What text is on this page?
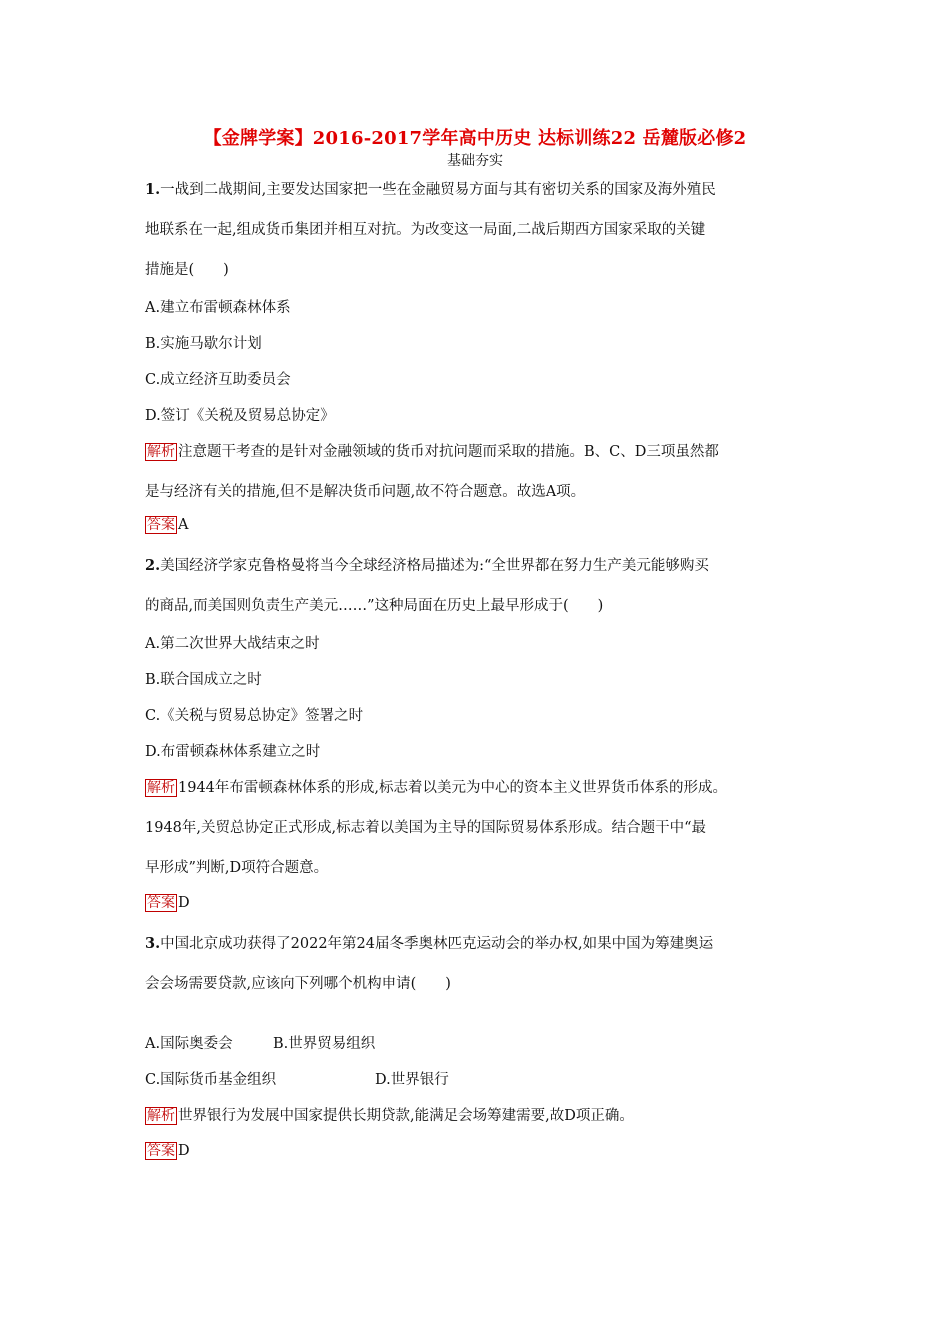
【金牌学案】2016-2017学年高中历史 达标训练22 岳麓版必修2
基础夯实
1.一战到二战期间,主要发达国家把一些在金融贸易方面与其有密切关系的国家及海外殖民
地联系在一起,组成货币集团并相互对抗。为改变这一局面,二战后期西方国家采取的关键
措施是(　　)
A.建立布雷顿森林体系
B.实施马歇尔计划
C.成立经济互助委员会
D.签订《关税及贸易总协定》
解析 注意题干考查的是针对金融领域的货币对抗问题而采取的措施。B、C、D三项虽然都
是与经济有关的措施,但不是解决货币问题,故不符合题意。故选A项。
答案 A
2.美国经济学家克鲁格曼将当今全球经济格局描述为:“全世界都在努力生产美元能够购买
的商品,而美国则负责生产美元……”这种局面在历史上最早形成于(　　)
A.第二次世界大战结束之时
B.联合国成立之时
C.《关税与贸易总协定》签署之时
D.布雷顿森林体系建立之时
解析 1944年布雷顿森林体系的形成,标志着以美元为中心的资本主义世界货币体系的形成。
1948年,关贸总协定正式形成,标志着以美国为主导的国际贸易体系形成。结合题干中“最
早形成”判断,D项符合题意。
答案 D
3.中国北京成功获得了2022年第24届冬季奥林匹克运动会的举办权,如果中国为筹建奥运
会会场需要贷款,应该向下列哪个机构申请(　　)
A.国际奥委会	B.世界贸易组织
C.国际货币基金组织	D.世界银行
解析 世界银行为发展中国家提供长期贷款,能满足会场筹建需要,故D项正确。
答案 D
